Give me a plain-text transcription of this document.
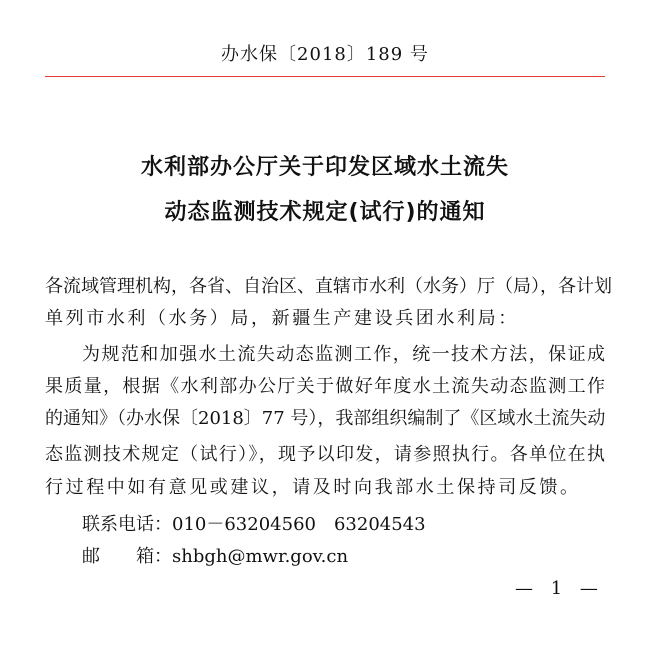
办水保〔2018〕189 号
水利部办公厅关于印发区域水土流失
动态监测技术规定(试行)的通知
各流域管理机构，各省、自治区、直辖市水利（水务）厅（局），各计划
单列市水利（水务）局，新疆生产建设兵团水利局：
为规范和加强水土流失动态监测工作，统一技术方法，保证成
果质量，根据《水利部办公厅关于做好年度水土流失动态监测工作
的通知》（办水保〔2018〕77 号），我部组织编制了《区域水土流失动
态监测技术规定（试行）》，现予以印发，请参照执行。各单位在执
行过程中如有意见或建议，请及时向我部水土保持司反馈。
联系电话：010－63204560　63204543
邮　　箱：shbgh@mwr.gov.cn
— 1 —
